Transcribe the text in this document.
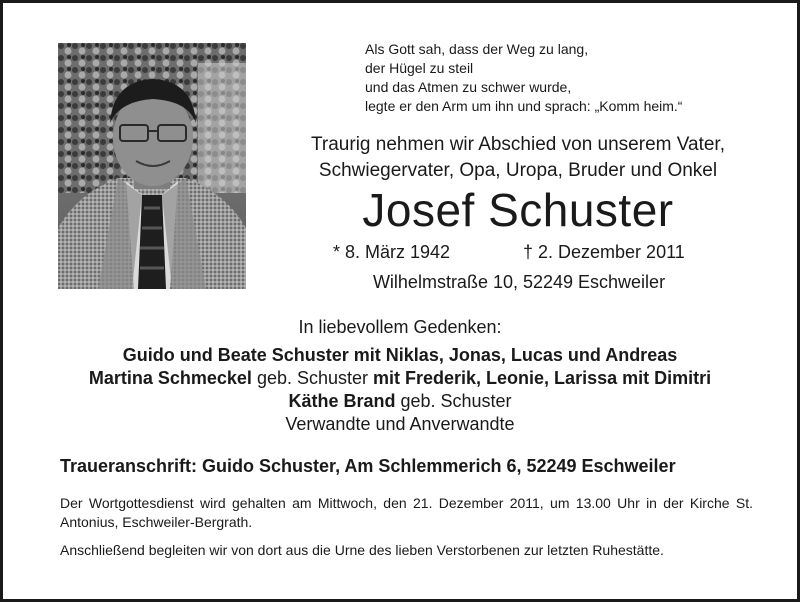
Als Gott sah, dass der Weg zu lang,
der Hügel zu steil
und das Atmen zu schwer wurde,
legte er den Arm um ihn und sprach: „Komm heim.“
Traurig nehmen wir Abschied von unserem Vater,
Schwiegervater, Opa, Uropa, Bruder und Onkel
Josef Schuster
* 8. März 1942	† 2. Dezember 2011
Wilhelmstraße 10, 52249 Eschweiler
In liebevollem Gedenken:
Guido und Beate Schuster mit Niklas, Jonas, Lucas und Andreas
Martina Schmeckel geb. Schuster mit Frederik, Leonie, Larissa mit Dimitri
Käthe Brand geb. Schuster
Verwandte und Anverwandte
Traueranschrift: Guido Schuster, Am Schlemmerich 6, 52249 Eschweiler
Der Wortgottesdienst wird gehalten am Mittwoch, den 21. Dezember 2011, um 13.00 Uhr in der Kirche St. Antonius, Eschweiler-Bergrath.
Anschließend begleiten wir von dort aus die Urne des lieben Verstorbenen zur letzten Ruhestätte.
